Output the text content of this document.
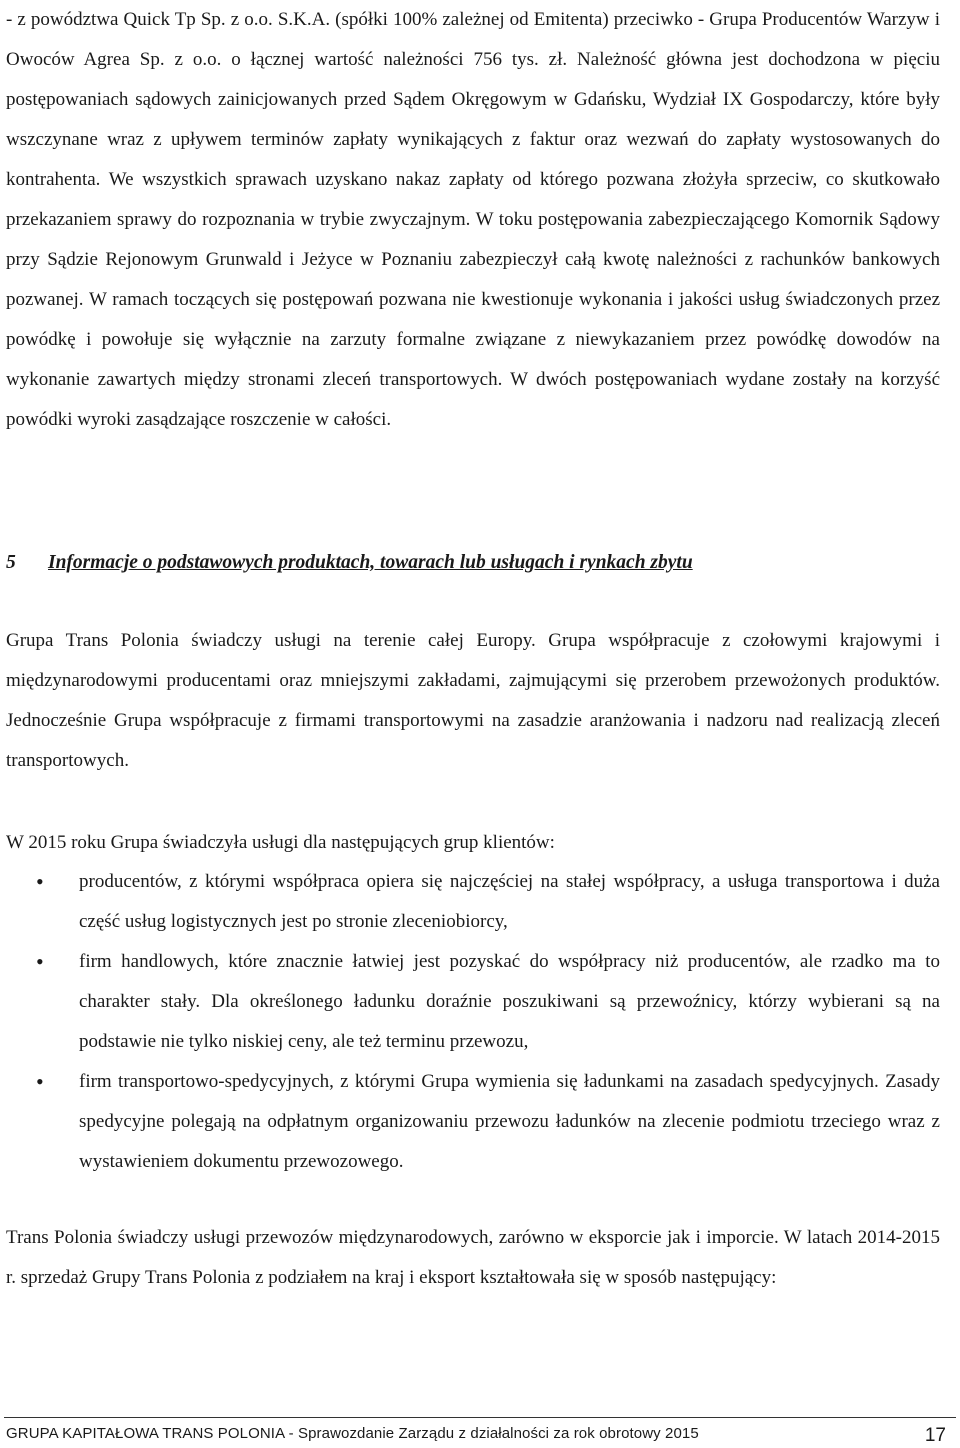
- z powództwa Quick Tp Sp. z o.o. S.K.A. (spółki 100% zależnej od Emitenta) przeciwko - Grupa Producentów Warzyw i Owoców Agrea Sp. z o.o. o łącznej wartość należności 756 tys. zł. Należność główna jest dochodzona w pięciu postępowaniach sądowych zainicjowanych przed Sądem Okręgowym w Gdańsku, Wydział IX Gospodarczy, które były wszczynane wraz z upływem terminów zapłaty wynikających z faktur oraz wezwań do zapłaty wystosowanych do kontrahenta. We wszystkich sprawach uzyskano nakaz zapłaty od którego pozwana złożyła sprzeciw, co skutkowało przekazaniem sprawy do rozpoznania w trybie zwyczajnym. W toku postępowania zabezpieczającego Komornik Sądowy przy Sądzie Rejonowym Grunwald i Jeżyce w Poznaniu zabezpieczył całą kwotę należności z rachunków bankowych pozwanej. W ramach toczących się postępowań pozwana nie kwestionuje wykonania i jakości usług świadczonych przez powódkę i powołuje się wyłącznie na zarzuty formalne związane z niewykazaniem przez powódkę dowodów na wykonanie zawartych między stronami zleceń transportowych. W dwóch postępowaniach wydane zostały na korzyść powódki wyroki zasądzające roszczenie w całości.

5 Informacje o podstawowych produktach, towarach lub usługach i rynkach zbytu

Grupa Trans Polonia świadczy usługi na terenie całej Europy. Grupa współpracuje z czołowymi krajowymi i międzynarodowymi producentami oraz mniejszymi zakładami, zajmującymi się przerobem przewożonych produktów. Jednocześnie Grupa współpracuje z firmami transportowymi na zasadzie aranżowania i nadzoru nad realizacją zleceń transportowych.

W 2015 roku Grupa świadczyła usługi dla następujących grup klientów:

• producentów, z którymi współpraca opiera się najczęściej na stałej współpracy, a usługa transportowa i duża część usług logistycznych jest po stronie zleceniobiorcy,
• firm handlowych, które znacznie łatwiej jest pozyskać do współpracy niż producentów, ale rzadko ma to charakter stały. Dla określonego ładunku doraźnie poszukiwani są przewoźnicy, którzy wybierani są na podstawie nie tylko niskiej ceny, ale też terminu przewozu,
• firm transportowo-spedycyjnych, z którymi Grupa wymienia się ładunkami na zasadach spedycyjnych. Zasady spedycyjne polegają na odpłatnym organizowaniu przewozu ładunków na zlecenie podmiotu trzeciego wraz z wystawieniem dokumentu przewozowego.

Trans Polonia świadczy usługi przewozów międzynarodowych, zarówno w eksporcie jak i imporcie. W latach 2014-2015 r. sprzedaż Grupy Trans Polonia z podziałem na kraj i eksport kształtowała się w sposób następujący:

GRUPA KAPITAŁOWA TRANS POLONIA - Sprawozdanie Zarządu z działalności za rok obrotowy 2015	17
